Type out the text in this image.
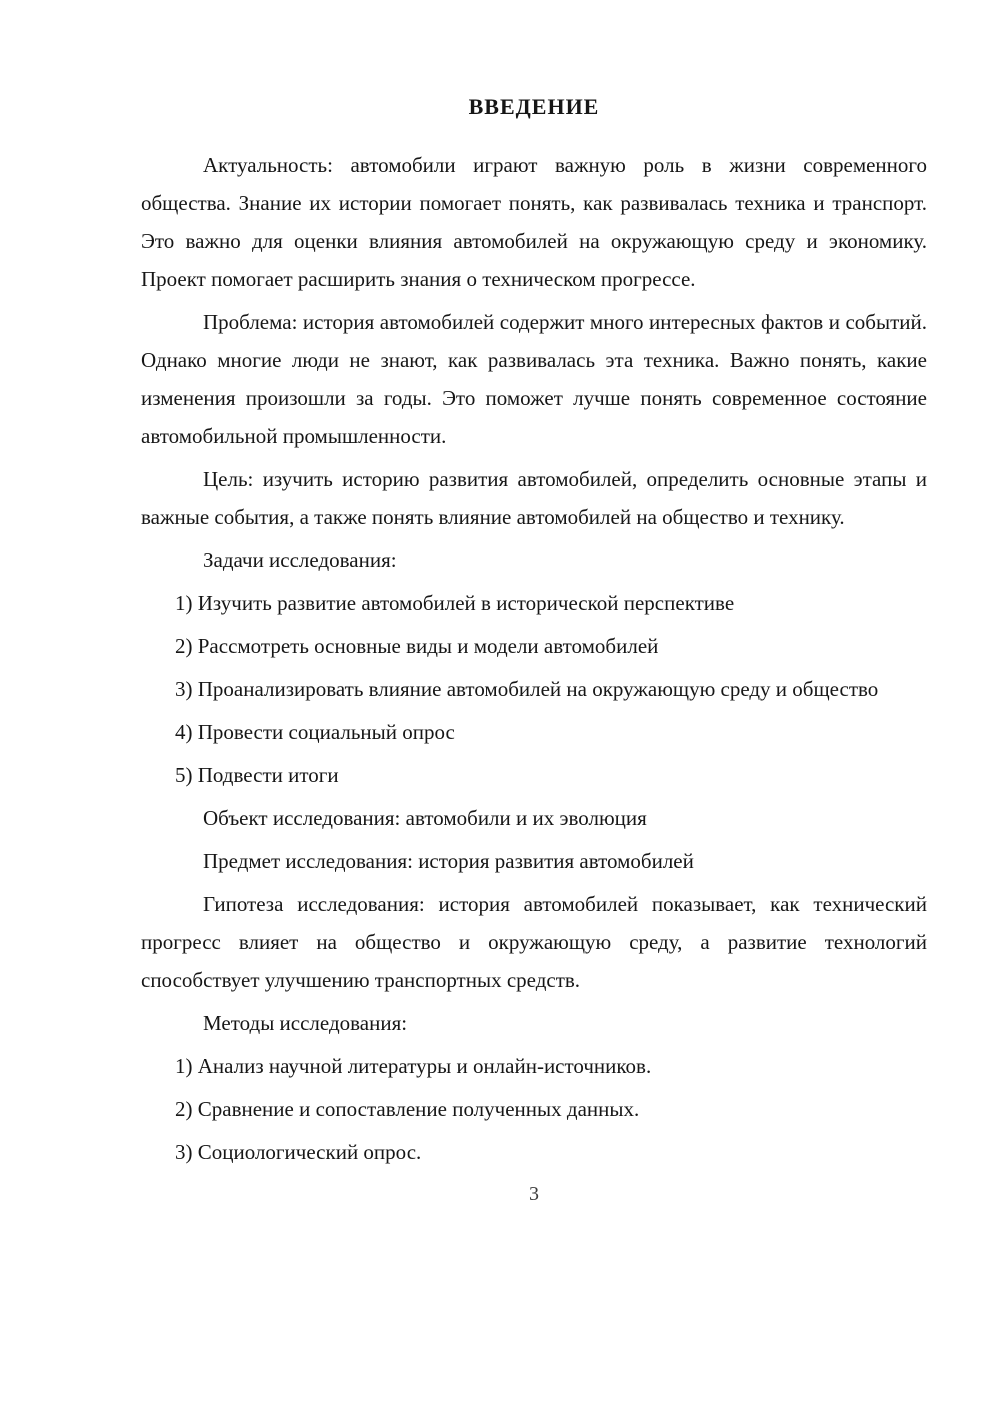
ВВЕДЕНИЕ

Актуальность: автомобили играют важную роль в жизни современного общества. Знание их истории помогает понять, как развивалась техника и транспорт. Это важно для оценки влияния автомобилей на окружающую среду и экономику. Проект помогает расширить знания о техническом прогрессе.

Проблема: история автомобилей содержит много интересных фактов и событий. Однако многие люди не знают, как развивалась эта техника. Важно понять, какие изменения произошли за годы. Это поможет лучше понять современное состояние автомобильной промышленности.

Цель: изучить историю развития автомобилей, определить основные этапы и важные события, а также понять влияние автомобилей на общество и технику.

Задачи исследования:

1) Изучить развитие автомобилей в исторической перспективе

2) Рассмотреть основные виды и модели автомобилей

3) Проанализировать влияние автомобилей на окружающую среду и общество

4) Провести социальный опрос

5) Подвести итоги

Объект исследования: автомобили и их эволюция

Предмет исследования: история развития автомобилей

Гипотеза исследования: история автомобилей показывает, как технический прогресс влияет на общество и окружающую среду, а развитие технологий способствует улучшению транспортных средств.

Методы исследования:

1) Анализ научной литературы и онлайн-источников.

2) Сравнение и сопоставление полученных данных.

3) Социологический опрос.

3
